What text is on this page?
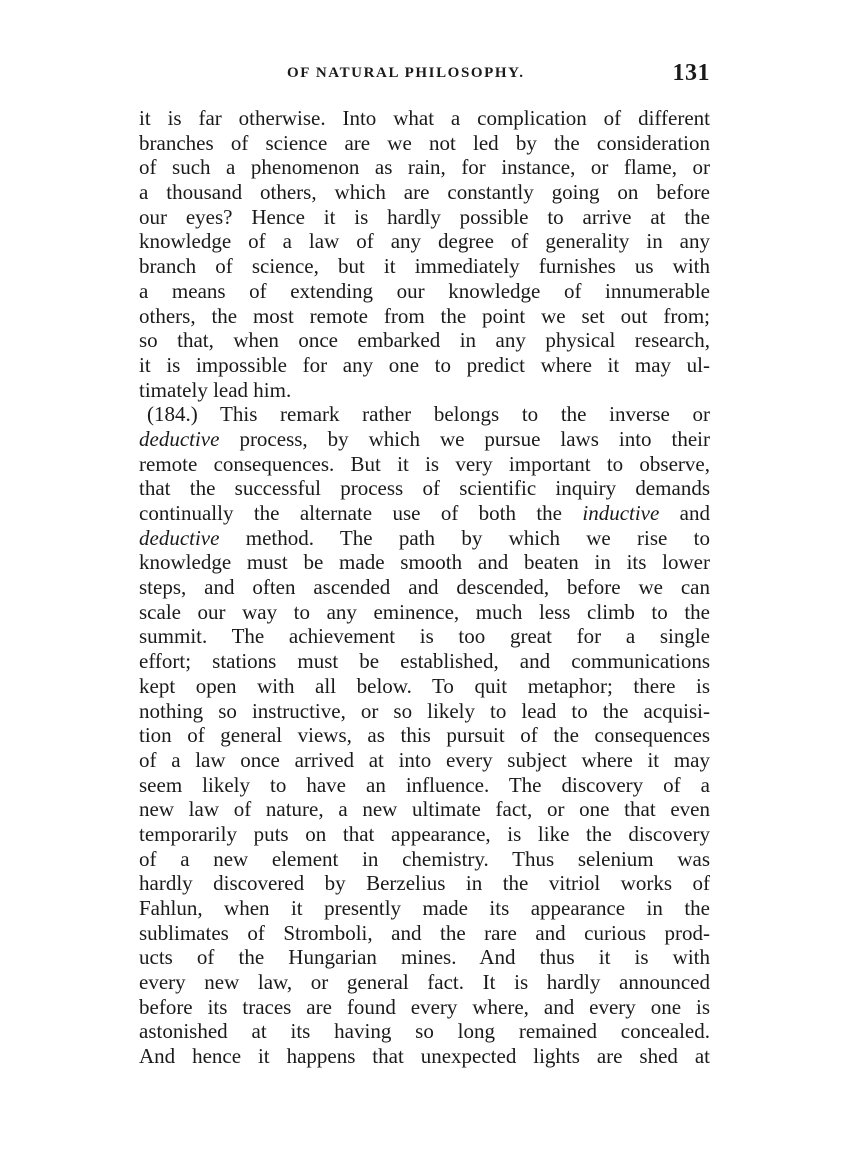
OF NATURAL PHILOSOPHY.	131
it is far otherwise. Into what a complication of different
branches of science are we not led by the consideration
of such a phenomenon as rain, for instance, or flame, or
a thousand others, which are constantly going on before
our eyes? Hence it is hardly possible to arrive at the
knowledge of a law of any degree of generality in any
branch of science, but it immediately furnishes us with
a means of extending our knowledge of innumerable
others, the most remote from the point we set out from;
so that, when once embarked in any physical research,
it is impossible for any one to predict where it may ul-
timately lead him.
(184.) This remark rather belongs to the inverse or
deductive process, by which we pursue laws into their
remote consequences. But it is very important to observe,
that the successful process of scientific inquiry demands
continually the alternate use of both the inductive and
deductive method. The path by which we rise to
knowledge must be made smooth and beaten in its lower
steps, and often ascended and descended, before we can
scale our way to any eminence, much less climb to the
summit. The achievement is too great for a single
effort; stations must be established, and communications
kept open with all below. To quit metaphor; there is
nothing so instructive, or so likely to lead to the acquisi-
tion of general views, as this pursuit of the consequences
of a law once arrived at into every subject where it may
seem likely to have an influence. The discovery of a
new law of nature, a new ultimate fact, or one that even
temporarily puts on that appearance, is like the discovery
of a new element in chemistry. Thus selenium was
hardly discovered by Berzelius in the vitriol works of
Fahlun, when it presently made its appearance in the
sublimates of Stromboli, and the rare and curious prod-
ucts of the Hungarian mines. And thus it is with
every new law, or general fact. It is hardly announced
before its traces are found every where, and every one is
astonished at its having so long remained concealed.
And hence it happens that unexpected lights are shed at
